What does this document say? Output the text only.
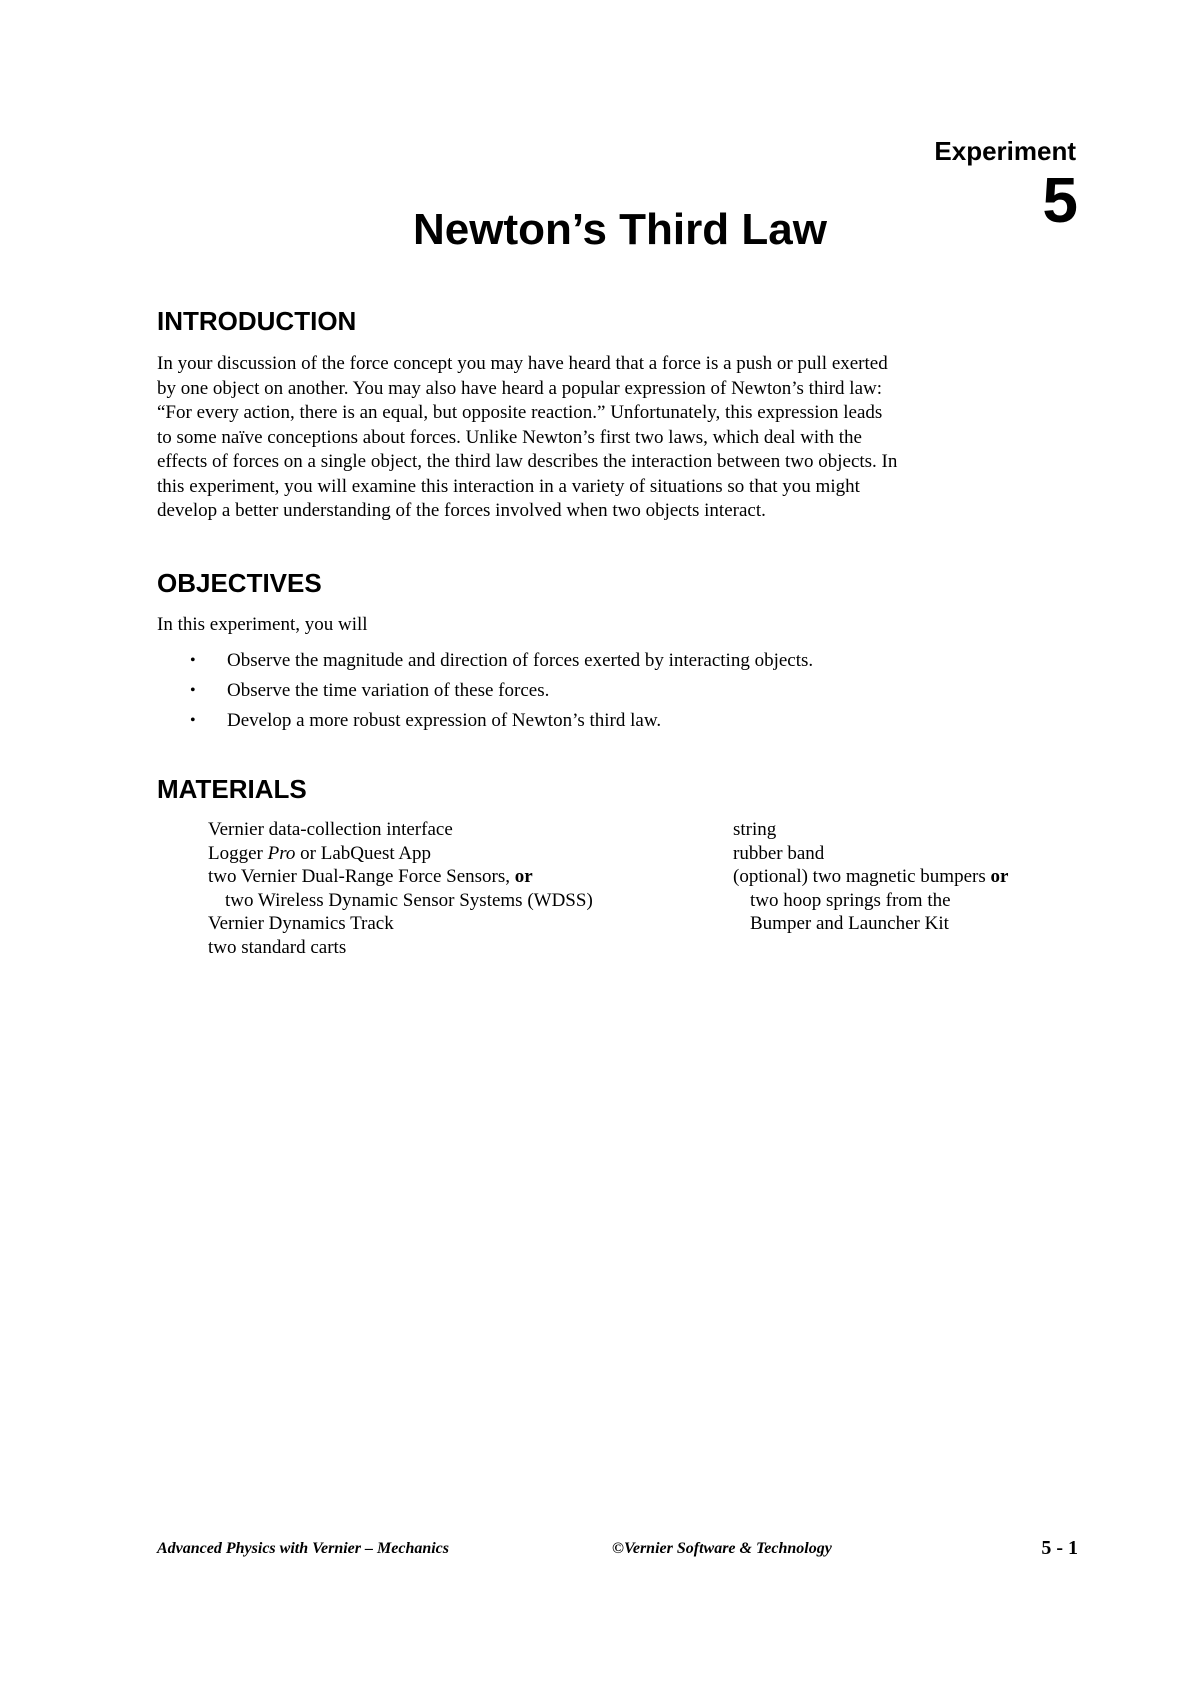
Experiment
5
Newton’s Third Law
INTRODUCTION
In your discussion of the force concept you may have heard that a force is a push or pull exerted
by one object on another. You may also have heard a popular expression of Newton’s third law:
“For every action, there is an equal, but opposite reaction.” Unfortunately, this expression leads
to some naïve conceptions about forces. Unlike Newton’s first two laws, which deal with the
effects of forces on a single object, the third law describes the interaction between two objects. In
this experiment, you will examine this interaction in a variety of situations so that you might
develop a better understanding of the forces involved when two objects interact.
OBJECTIVES
In this experiment, you will
• Observe the magnitude and direction of forces exerted by interacting objects.
• Observe the time variation of these forces.
• Develop a more robust expression of Newton’s third law.
MATERIALS
Vernier data-collection interface
Logger Pro or LabQuest App
two Vernier Dual-Range Force Sensors, or
two Wireless Dynamic Sensor Systems (WDSS)
Vernier Dynamics Track
two standard carts
string
rubber band
(optional) two magnetic bumpers or
two hoop springs from the
Bumper and Launcher Kit
Advanced Physics with Vernier – Mechanics	©Vernier Software & Technology	5 - 1
